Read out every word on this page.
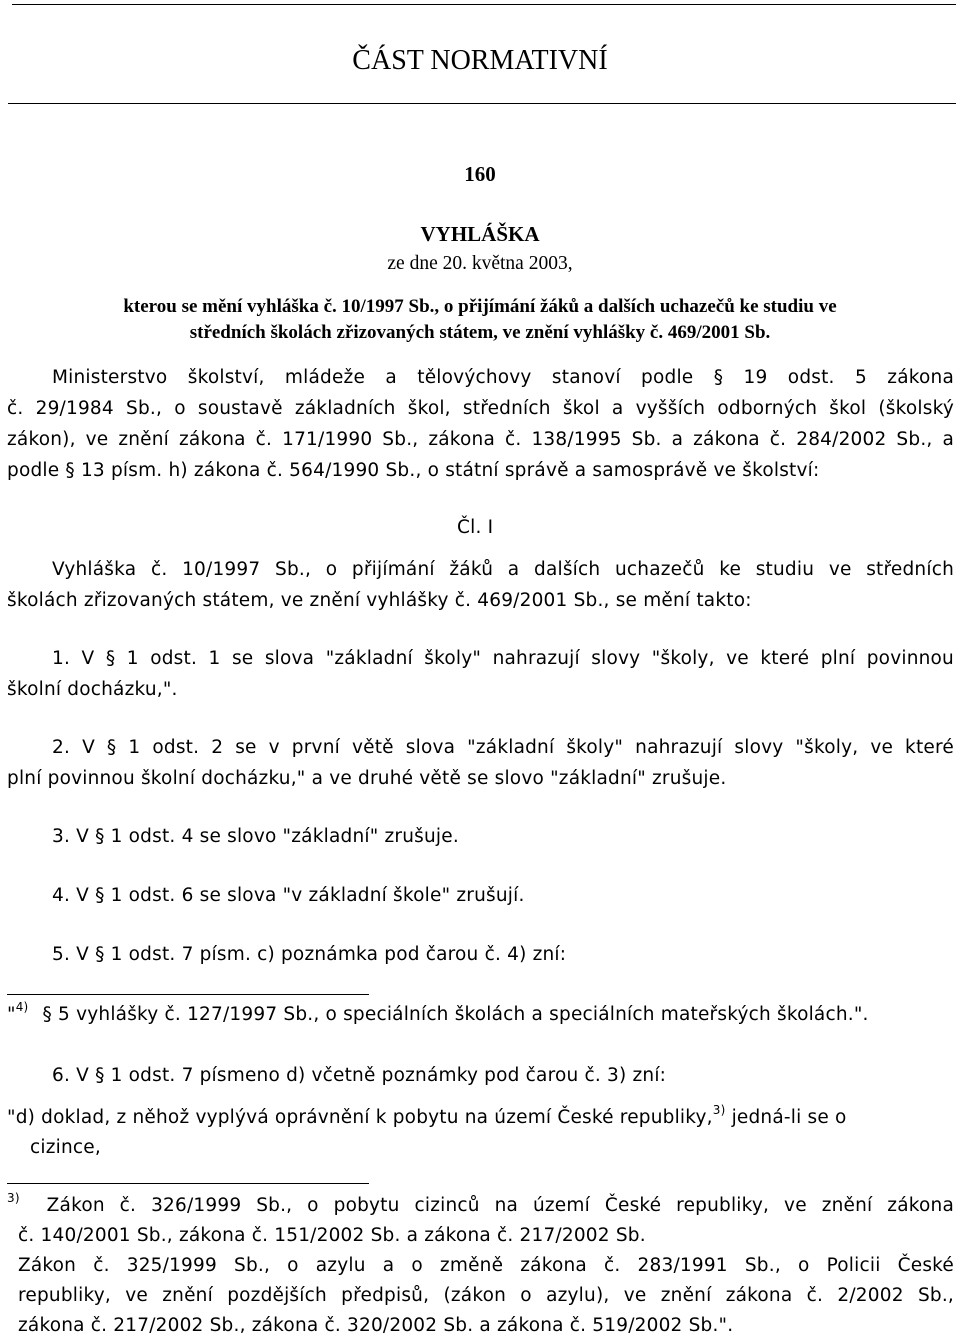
ČÁST NORMATIVNÍ
160
VYHLÁŠKA
ze dne 20. května 2003,
kterou se mění vyhláška č. 10/1997 Sb., o přijímání žáků a dalších uchazečů ke studiu ve
středních školách zřizovaných státem, ve znění vyhlášky č. 469/2001 Sb.
Ministerstvo školství, mládeže a tělovýchovy stanoví podle § 19 odst. 5 zákona
č. 29/1984 Sb., o soustavě základních škol, středních škol a vyšších odborných škol (školský
zákon), ve znění zákona č. 171/1990 Sb., zákona č. 138/1995 Sb. a zákona č. 284/2002 Sb., a
podle § 13 písm. h) zákona č. 564/1990 Sb., o státní správě a samosprávě ve školství:
Čl. I
Vyhláška č. 10/1997 Sb., o přijímání žáků a dalších uchazečů ke studiu ve středních
školách zřizovaných státem, ve znění vyhlášky č. 469/2001 Sb., se mění takto:
1. V § 1 odst. 1 se slova "základní školy" nahrazují slovy "školy, ve které plní povinnou
školní docházku,".
2. V § 1 odst. 2 se v první větě slova "základní školy" nahrazují slovy "školy, ve které
plní povinnou školní docházku," a ve druhé větě se slovo "základní" zrušuje.
3. V § 1 odst. 4 se slovo "základní" zrušuje.
4. V § 1 odst. 6 se slova "v základní škole" zrušují.
5. V § 1 odst. 7 písm. c) poznámka pod čarou č. 4) zní:
"$^{4)}$ § 5 vyhlášky č. 127/1997 Sb., o speciálních školách a speciálních mateřských školách.".
6. V § 1 odst. 7 písmeno d) včetně poznámky pod čarou č. 3) zní:
"d) doklad, z něhož vyplývá oprávnění k pobytu na území České republiky,$^{3)}$ jedná-li se o
cizince,
$^{3)}$ Zákon č. 326/1999 Sb., o pobytu cizinců na území České republiky, ve znění zákona
č. 140/2001 Sb., zákona č. 151/2002 Sb. a zákona č. 217/2002 Sb.
Zákon č. 325/1999 Sb., o azylu a o změně zákona č. 283/1991 Sb., o Policii České
republiky, ve znění pozdějších předpisů, (zákon o azylu), ve znění zákona č. 2/2002 Sb.,
zákona č. 217/2002 Sb., zákona č. 320/2002 Sb. a zákona č. 519/2002 Sb.".
